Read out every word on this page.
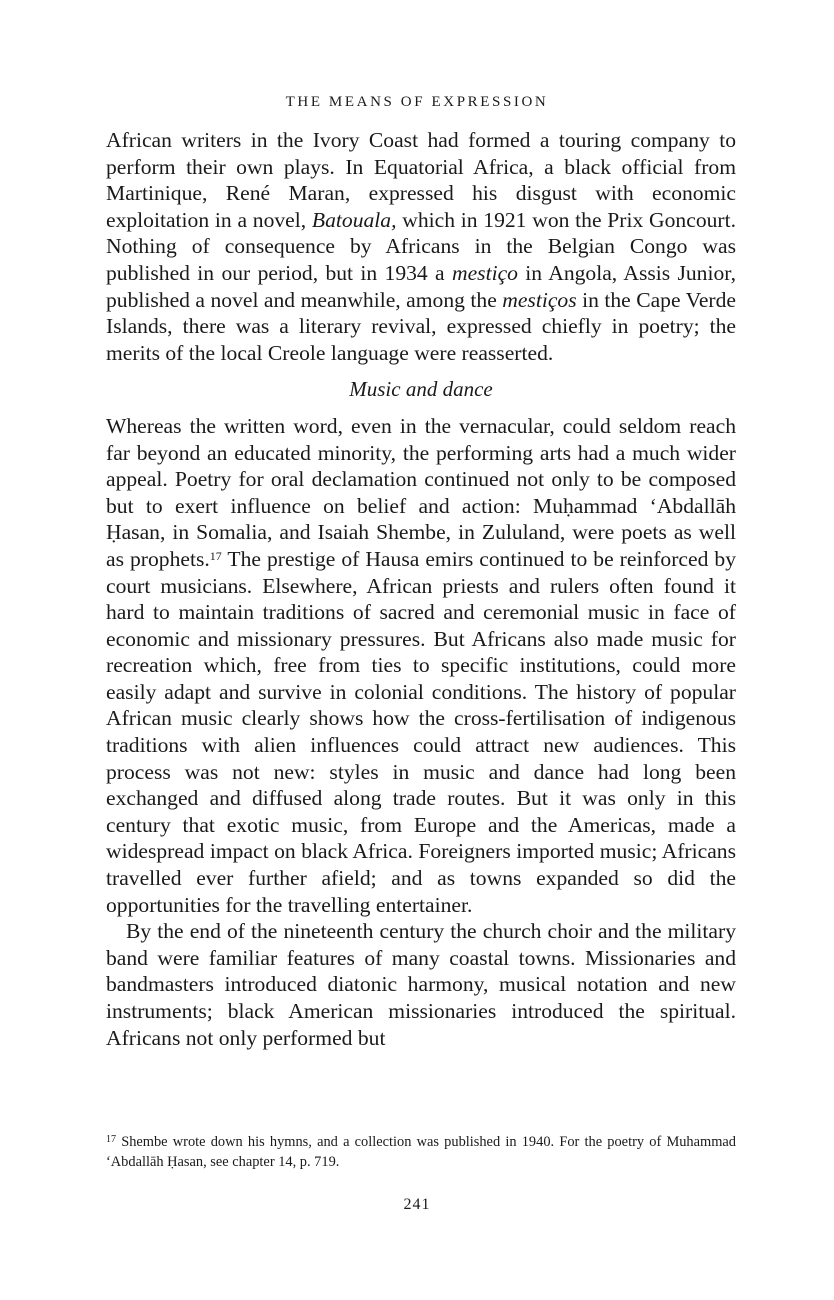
THE MEANS OF EXPRESSION

African writers in the Ivory Coast had formed a touring company to perform their own plays. In Equatorial Africa, a black official from Martinique, René Maran, expressed his disgust with economic exploitation in a novel, Batouala, which in 1921 won the Prix Goncourt. Nothing of consequence by Africans in the Belgian Congo was published in our period, but in 1934 a mestiço in Angola, Assis Junior, published a novel and meanwhile, among the mestiços in the Cape Verde Islands, there was a literary revival, expressed chiefly in poetry; the merits of the local Creole language were reasserted.

Music and dance

Whereas the written word, even in the vernacular, could seldom reach far beyond an educated minority, the performing arts had a much wider appeal. Poetry for oral declamation continued not only to be composed but to exert influence on belief and action: Muḥammad ‘Abdallāh Ḥasan, in Somalia, and Isaiah Shembe, in Zululand, were poets as well as prophets.$^{17}$ The prestige of Hausa emirs continued to be reinforced by court musicians. Elsewhere, African priests and rulers often found it hard to maintain traditions of sacred and ceremonial music in face of economic and missionary pressures. But Africans also made music for recreation which, free from ties to specific institutions, could more easily adapt and survive in colonial conditions. The history of popular African music clearly shows how the cross-fertilisation of indigenous traditions with alien influences could attract new audiences. This process was not new: styles in music and dance had long been exchanged and diffused along trade routes. But it was only in this century that exotic music, from Europe and the Americas, made a widespread impact on black Africa. Foreigners imported music; Africans travelled ever further afield; and as towns expanded so did the opportunities for the travelling entertainer.

By the end of the nineteenth century the church choir and the military band were familiar features of many coastal towns. Missionaries and bandmasters introduced diatonic harmony, musical notation and new instruments; black American missionaries introduced the spiritual. Africans not only performed but

$^{17}$ Shembe wrote down his hymns, and a collection was published in 1940. For the poetry of Muhammad ‘Abdallāh Ḥasan, see chapter 14, p. 719.

241
